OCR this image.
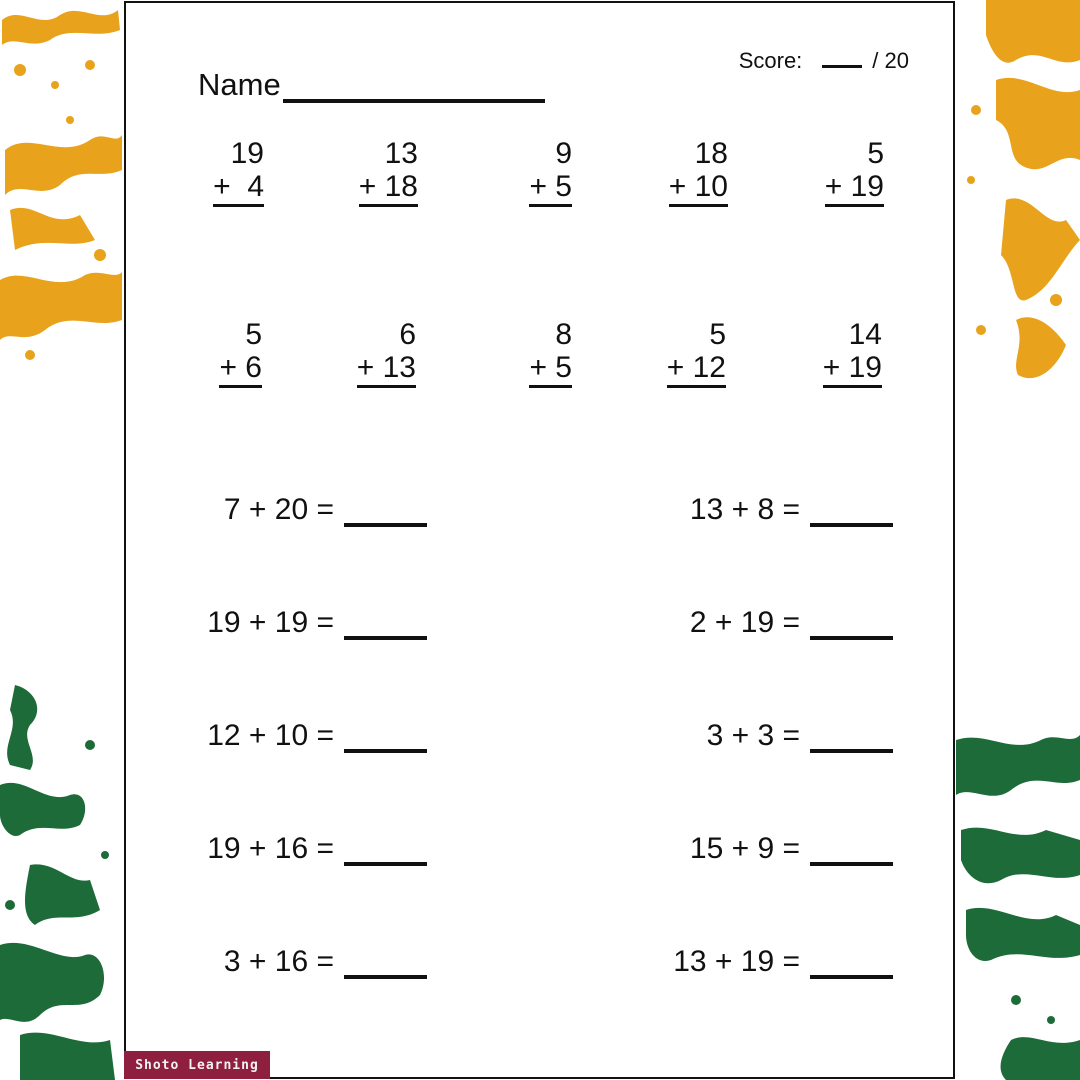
Score:	/ 20
Name
19
+  4
13
+ 18
9
+ 5
18
+ 10
5
+ 19
5
+ 6
6
+ 13
8
+ 5
5
+ 12
14
+ 19
7 + 20 =
19 + 19 =
12 + 10 =
19 + 16 =
3 + 16 =
13 + 8 =
2 + 19 =
3 + 3 =
15 + 9 =
13 + 19 =
Shoto Learning
